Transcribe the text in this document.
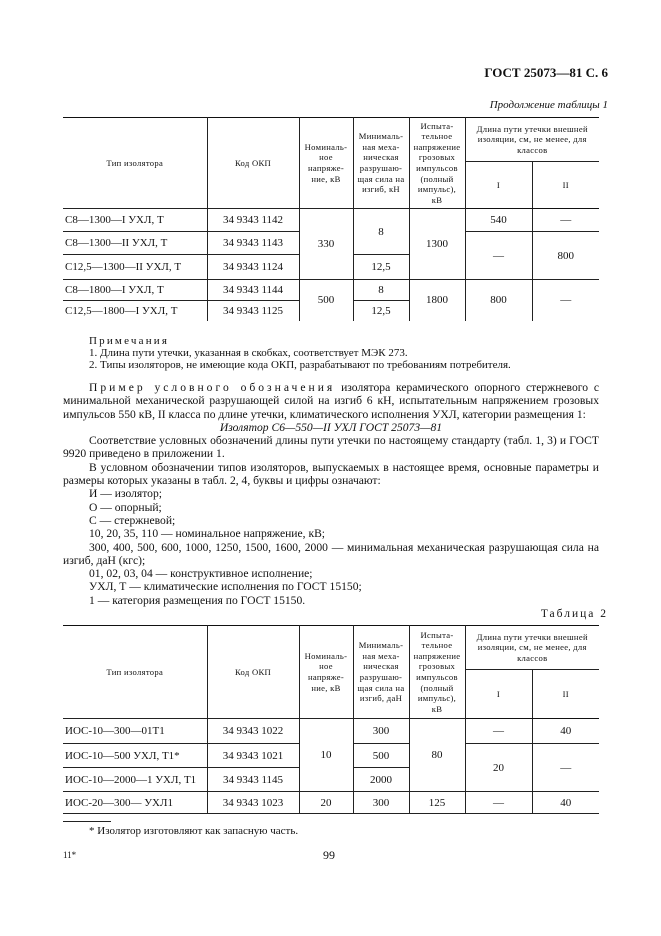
ГОСТ 25073—81 С. 6
Продолжение таблицы 1
Тип изолятора	Код ОКП	Номиналь- ное напряже- ние, кВ	Минималь- ная меха- ническая разрушаю- щая сила на изгиб, кН	Испыта- тельное напряжение грозовых импульсов (полный импульс), кВ	Длина пути утечки внешней изоляции, см, не менее, для классов	
					I	II
С8—1300—I УХЛ, Т	34 9343 1142	330	8	1300	540	—
С8—1300—II УХЛ, Т	34 9343 1143				—	800
С12,5—1300—II УХЛ, Т	34 9343 1124		12,5			
С8—1800—I УХЛ, Т	34 9343 1144	500	8	1800	800	—
С12,5—1800—I УХЛ, Т	34 9343 1125		12,5			

Примечания

1. Длина пути утечки, указанная в скобках, соответствует МЭК 273.

2. Типы изоляторов, не имеющие кода ОКП, разрабатывают по требованиям потребителя.

Пример условного обозначения изолятора керамического опорного стержневого с минимальной механической разрушающей силой на изгиб 6 кН, испытательным напряжением грозовых импульсов 550 кВ, II класса по длине утечки, климатического исполнения УХЛ, категории размещения 1:

Изолятор С6—550—II УХЛ ГОСТ 25073—81

Соответствие условных обозначений длины пути утечки по настоящему стандарту (табл. 1, 3) и ГОСТ 9920 приведено в приложении 1.

В условном обозначении типов изоляторов, выпускаемых в настоящее время, основные параметры и размеры которых указаны в табл. 2, 4, буквы и цифры означают:

И — изолятор;

О — опорный;

С — стержневой;

10, 20, 35, 110 — номинальное напряжение, кВ;

300, 400, 500, 600, 1000, 1250, 1500, 1600, 2000 — минимальная механическая разрушающая сила на изгиб, даН (кгс);

01, 02, 03, 04 — конструктивное исполнение;

УХЛ, Т — климатические исполнения по ГОСТ 15150;

1 — категория размещения по ГОСТ 15150.

Таблица 2
Тип изолятора	Код ОКП	Номиналь- ное напряже- ние, кВ	Минималь- ная меха- ническая разрушаю- щая сила на изгиб, даН	Испыта- тельное напряжение грозовых импульсов (полный импульс), кВ	Длина пути утечки внешней изоляции, см, не менее, для классов	
					I	II
ИОС-10—300—01Т1	34 9343 1022	10	300	80	—	40
ИОС-10—500 УХЛ, Т1*	34 9343 1021		500		20	—
ИОС-10—2000—1 УХЛ, Т1	34 9343 1145		2000			
ИОС-20—300— УХЛ1	34 9343 1023	20	300	125	—	40
* Изолятор изготовляют как запасную часть.
11*	99
